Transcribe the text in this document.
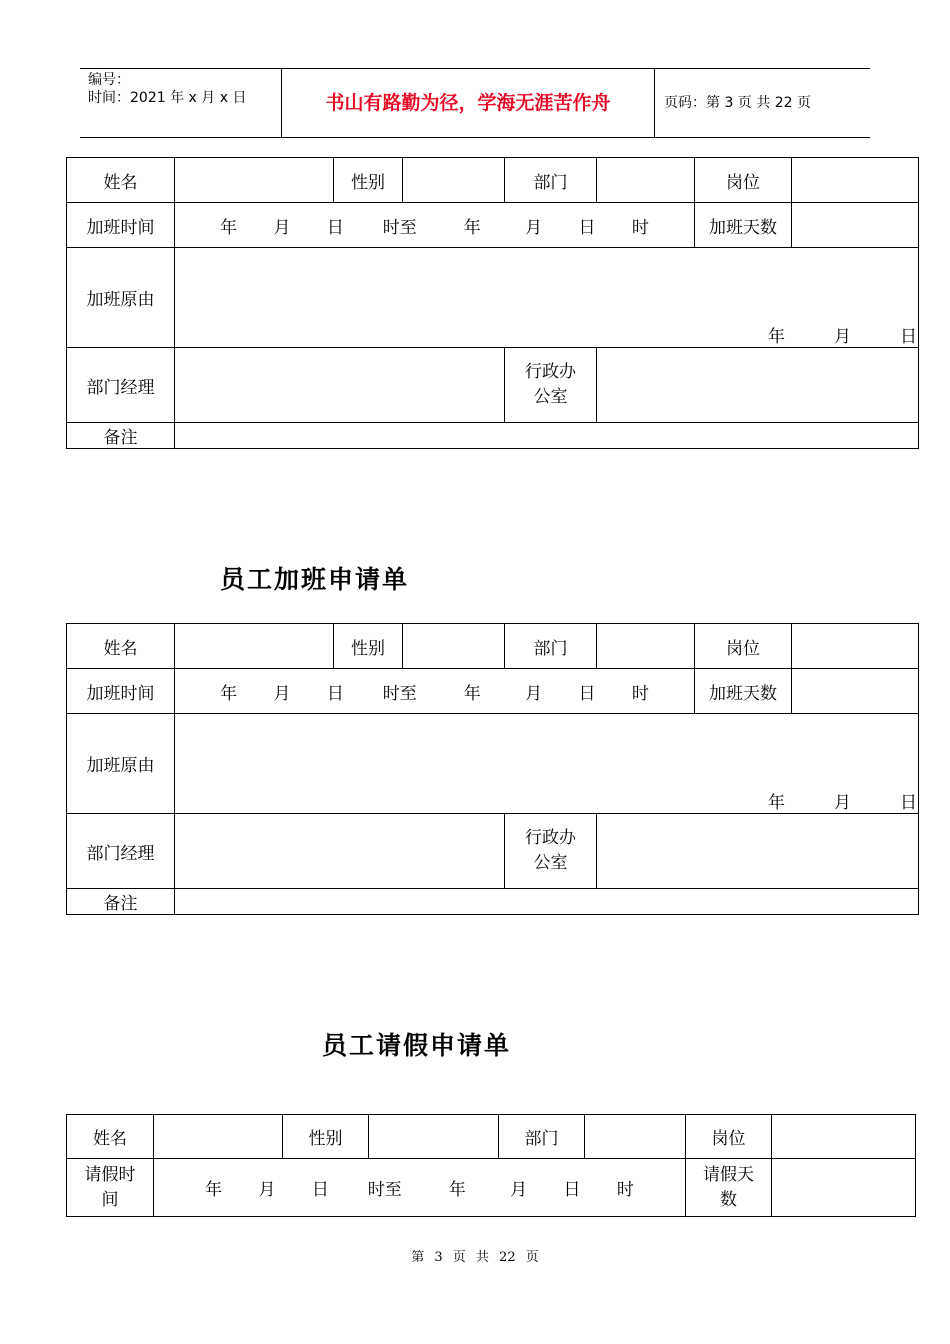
编号：
时间：2021 年 x 月 x 日	书山有路勤为径，学海无涯苦作舟	页码：第 3 页 共 22 页
姓名		性别		部门		岗位	
加班时间	年 月 日 时至 年 月 日 时					加班天数	
加班原由	年 月 日						

部门经理				行政办公室			
备注							
员工加班申请单
姓名		性别		部门		岗位	
加班时间	年 月 日 时至 年 月 日 时					加班天数	
加班原由	年 月 日						

部门经理				行政办公室			
备注							
员工请假申请单
姓名		性别		部门		岗位	
请假时间	年 月 日 时至 年 月 日 时					请假天数	
第 3 页 共 22 页
